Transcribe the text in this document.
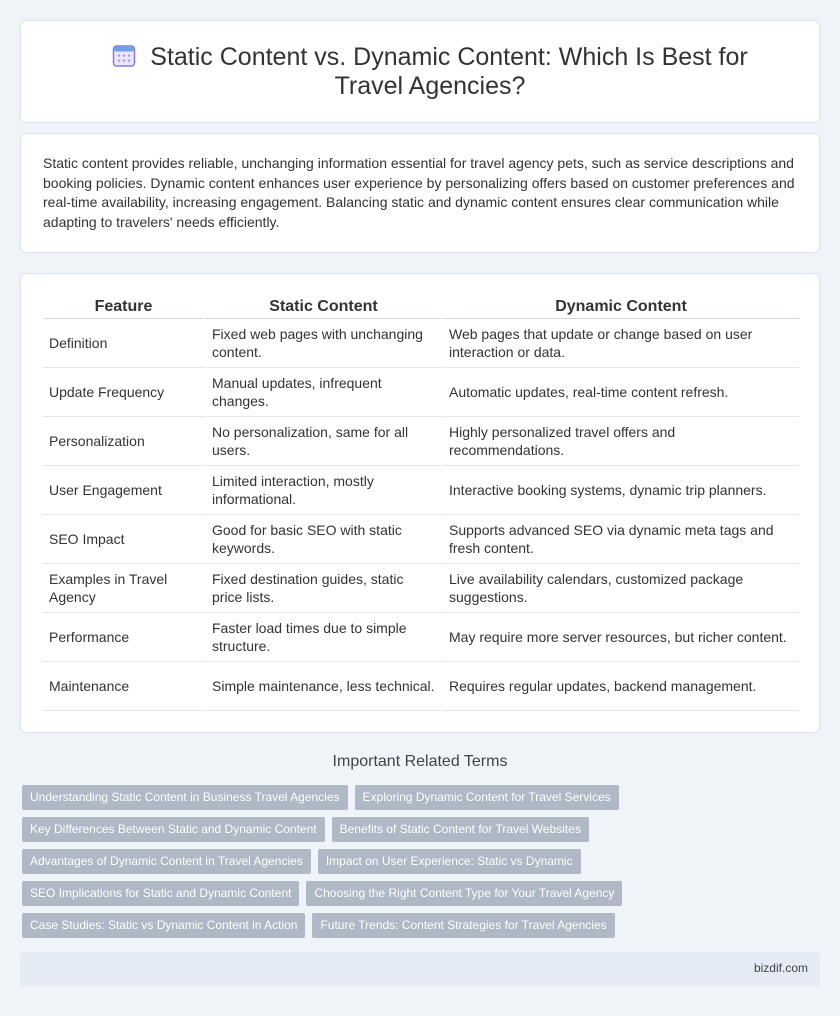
Static Content vs. Dynamic Content: Which Is Best for Travel Agencies?

Static content provides reliable, unchanging information essential for travel agency pets, such as service descriptions and booking policies. Dynamic content enhances user experience by personalizing offers based on customer preferences and real-time availability, increasing engagement. Balancing static and dynamic content ensures clear communication while adapting to travelers' needs efficiently.

Feature	Static Content	Dynamic Content
Definition	Fixed web pages with unchanging content.	Web pages that update or change based on user interaction or data.
Update Frequency	Manual updates, infrequent changes.	Automatic updates, real-time content refresh.
Personalization	No personalization, same for all users.	Highly personalized travel offers and recommendations.
User Engagement	Limited interaction, mostly informational.	Interactive booking systems, dynamic trip planners.
SEO Impact	Good for basic SEO with static keywords.	Supports advanced SEO via dynamic meta tags and fresh content.
Examples in Travel Agency	Fixed destination guides, static price lists.	Live availability calendars, customized package suggestions.
Performance	Faster load times due to simple structure.	May require more server resources, but richer content.
Maintenance	Simple maintenance, less technical.	Requires regular updates, backend management.
Important Related Terms
Understanding Static Content in Business Travel Agencies	Exploring Dynamic Content for Travel Services
Key Differences Between Static and Dynamic Content	Benefits of Static Content for Travel Websites
Advantages of Dynamic Content in Travel Agencies	Impact on User Experience: Static vs Dynamic
SEO Implications for Static and Dynamic Content	Choosing the Right Content Type for Your Travel Agency
Case Studies: Static vs Dynamic Content in Action	Future Trends: Content Strategies for Travel Agencies
bizdif.com
